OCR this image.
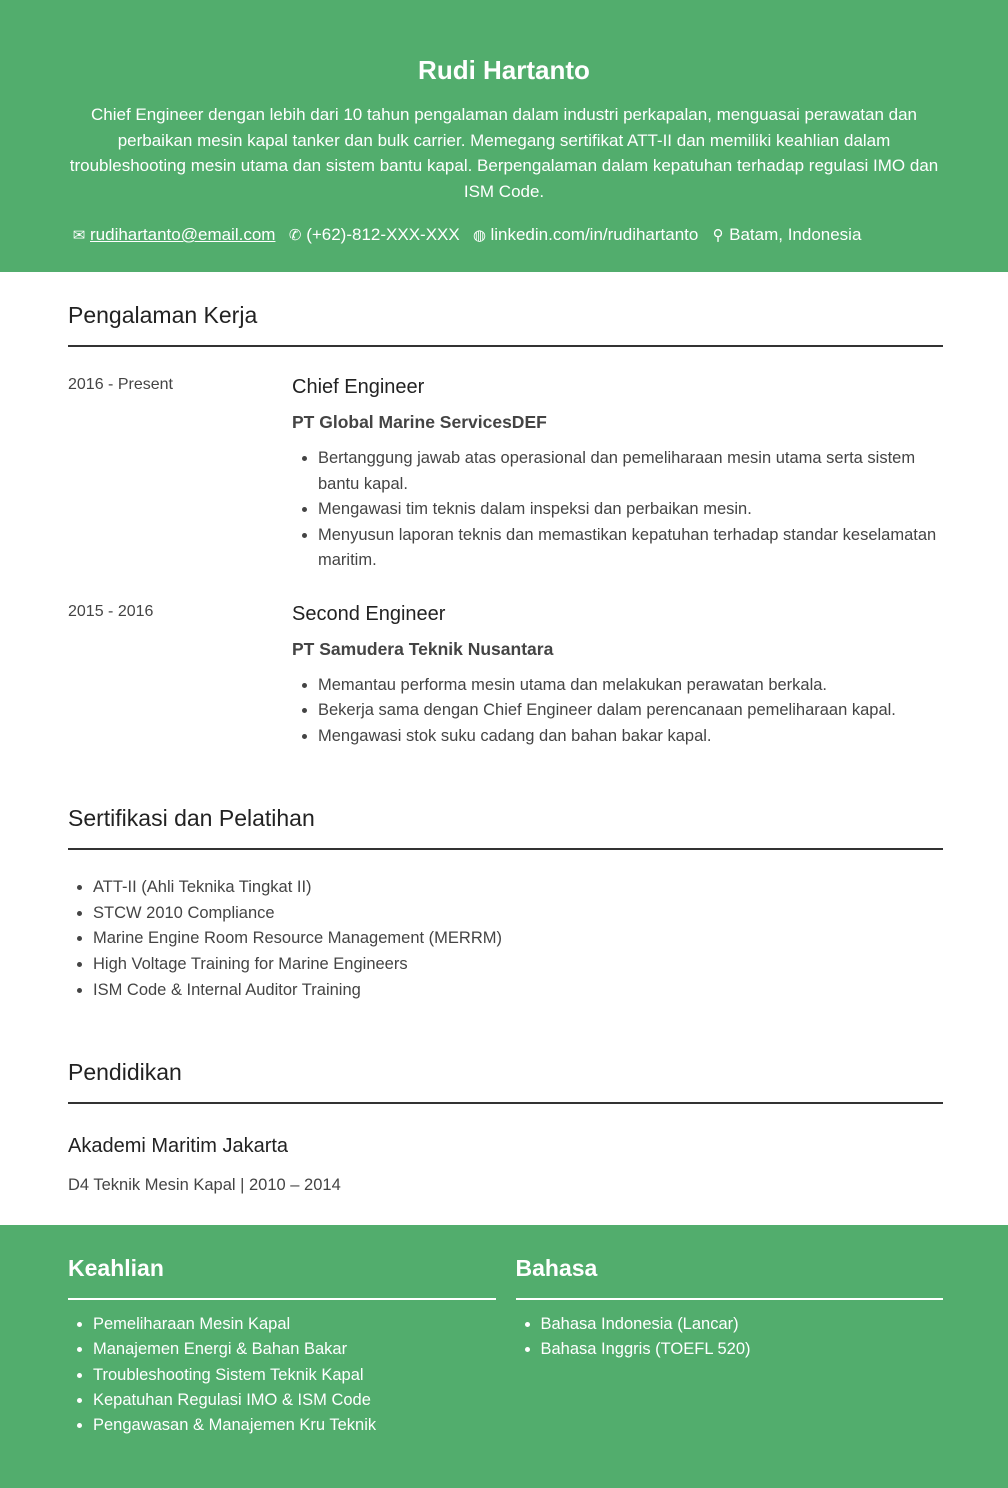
Rudi Hartanto

Chief Engineer dengan lebih dari 10 tahun pengalaman dalam industri perkapalan, menguasai perawatan dan perbaikan mesin kapal tanker dan bulk carrier. Memegang sertifikat ATT-II dan memiliki keahlian dalam troubleshooting mesin utama dan sistem bantu kapal. Berpengalaman dalam kepatuhan terhadap regulasi IMO dan ISM Code.

✉ rudihartanto@email.com ✆ (+62)-812-XXX-XXX ◍ linkedin.com/in/rudihartanto ⚲ Batam, Indonesia
Pengalaman Kerja
2016 - Present	Chief Engineer
PT Global Marine ServicesDEF
• Bertanggung jawab atas operasional dan pemeliharaan mesin utama serta sistem bantu kapal.
• Mengawasi tim teknis dalam inspeksi dan perbaikan mesin.
• Menyusun laporan teknis dan memastikan kepatuhan terhadap standar keselamatan maritim.
2015 - 2016	Second Engineer
PT Samudera Teknik Nusantara
• Memantau performa mesin utama dan melakukan perawatan berkala.
• Bekerja sama dengan Chief Engineer dalam perencanaan pemeliharaan kapal.
• Mengawasi stok suku cadang dan bahan bakar kapal.
Sertifikasi dan Pelatihan
• ATT-II (Ahli Teknika Tingkat II)
• STCW 2010 Compliance
• Marine Engine Room Resource Management (MERRM)
• High Voltage Training for Marine Engineers
• ISM Code & Internal Auditor Training
Pendidikan
Akademi Maritim Jakarta
D4 Teknik Mesin Kapal | 2010 – 2014
Keahlian
• Pemeliharaan Mesin Kapal
• Manajemen Energi & Bahan Bakar
• Troubleshooting Sistem Teknik Kapal
• Kepatuhan Regulasi IMO & ISM Code
• Pengawasan & Manajemen Kru Teknik
Bahasa
• Bahasa Indonesia (Lancar)
• Bahasa Inggris (TOEFL 520)
